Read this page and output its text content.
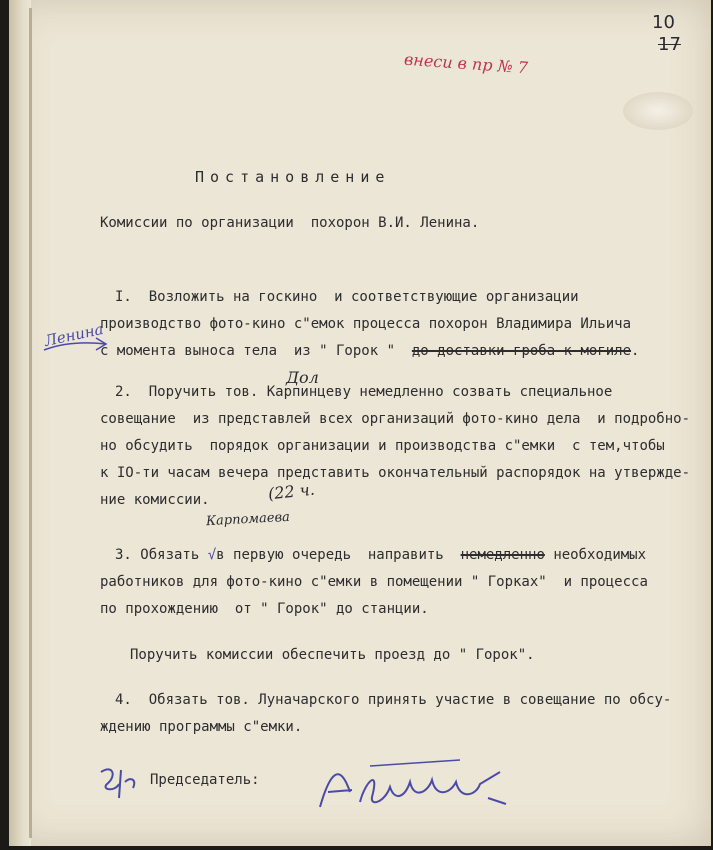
10
17
внеси в пр № 7
Постановление
Комиссии по организации  похорон В.И. Ленина.
I.  Возложить на госкино  и соответствующие организации
производство фото-кино с"емок процесса похорон Владимира Ильича
с момента выноса тела  из " Горок "  до доставки гроба к могиле.
Ленина
Дол
2.  Поручить тов. Карпинцеву немедленно созвать специальное
совещание  из представлей всех организаций фото-кино дела  и подробно-
но обсудить  порядок организации и производства с"емки  с тем,чтобы
к IO-ти часам вечера представить окончательный распорядок на утвержде-
ние комиссии.	(22 ч.
Карпомаева
3. Обязать √в первую очередь  направить  немедленно необходимых
работников для фото-кино с"емки в помещении " Горках"  и процесса
по прохождению  от " Горок" до станции.
Поручить комиссии обеспечить проезд до " Горок".
4.  Обязать тов. Луначарского принять участие в совещание по обсу-
ждению программы с"емки.
Председатель:
